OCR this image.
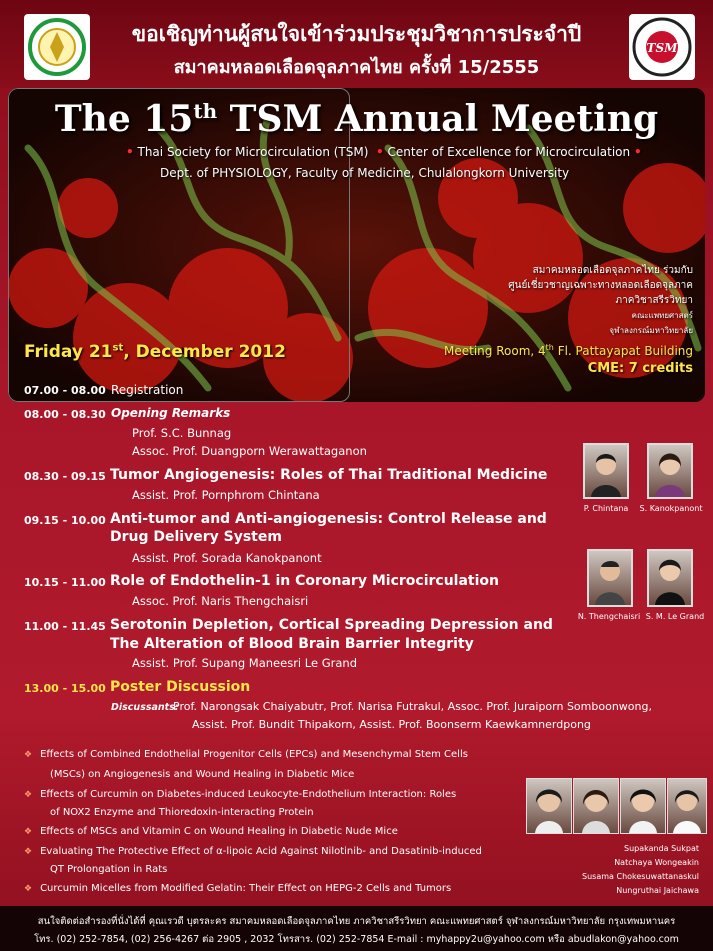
TSM
ขอเชิญท่านผู้สนใจเข้าร่วมประชุมวิชาการประจำปี
สมาคมหลอดเลือดจุลภาคไทย ครั้งที่ 15/2555
The 15th TSM Annual Meeting
• Thai Society for Microcirculation (TSM) • Center of Excellence for Microcirculation •
Dept. of PHYSIOLOGY, Faculty of Medicine, Chulalongkorn University
สมาคมหลอดเลือดจุลภาคไทย ร่วมกับ
ศูนย์เชี่ยวชาญเฉพาะทางหลอดเลือดจุลภาค
ภาควิชาสรีรวิทยา
คณะแพทยศาสตร์
จุฬาลงกรณ์มหาวิทยาลัย
Friday 21st, December 2012	Meeting Room, 4th Fl. Pattayapat Building
CME: 7 credits
07.00 - 08.00 Registration
08.00 - 08.30 Opening Remarks
Prof. S.C. Bunnag
Assoc. Prof. Duangporn Werawattaganon
08.30 - 09.15 Tumor Angiogenesis: Roles of Thai Traditional Medicine
Assist. Prof. Pornphrom Chintana
09.15 - 10.00 Anti-tumor and Anti-angiogenesis: Control Release and
Drug Delivery System
Assist. Prof. Sorada Kanokpanont
10.15 - 11.00 Role of Endothelin-1 in Coronary Microcirculation
Assoc. Prof. Naris Thengchaisri
11.00 - 11.45 Serotonin Depletion, Cortical Spreading Depression and
The Alteration of Blood Brain Barrier Integrity
Assist. Prof. Supang Maneesri Le Grand
13.00 - 15.00 Poster Discussion
Discussants:
Prof. Narongsak Chaiyabutr, Prof. Narisa Futrakul, Assoc. Prof. Juraiporn Somboonwong,
Assist. Prof. Bundit Thipakorn, Assist. Prof. Boonserm Kaewkamnerdpong
P. Chintana	S. Kanokpanont
N. Thengchaisri S. M. Le Grand
❖ Effects of Combined Endothelial Progenitor Cells (EPCs) and Mesenchymal Stem Cells
(MSCs) on Angiogenesis and Wound Healing in Diabetic Mice
❖ Effects of Curcumin on Diabetes-induced Leukocyte-Endothelium Interaction: Roles
of NOX2 Enzyme and Thioredoxin-interacting Protein
❖ Effects of MSCs and Vitamin C on Wound Healing in Diabetic Nude Mice
❖ Evaluating The Protective Effect of α-lipoic Acid Against Nilotinib- and Dasatinib-induced
QT Prolongation in Rats
❖ Curcumin Micelles from Modified Gelatin: Their Effect on HEPG-2 Cells and Tumors
Supakanda Sukpat
Natchaya Wongeakin
Susama Chokesuwattanaskul
Nungruthai Jaichawa
สนใจติดต่อสำรองที่นั่งได้ที่ คุณเรวดี บุตรละคร สมาคมหลอดเลือดจุลภาคไทย ภาควิชาสรีรวิทยา คณะแพทยศาสตร์ จุฬาลงกรณ์มหาวิทยาลัย กรุงเทพมหานคร
โทร. (02) 252-7854, (02) 256-4267 ต่อ 2905 , 2032 โทรสาร. (02) 252-7854 E-mail : myhappy2u@yahoo.com หรือ abudlakon@yahoo.com
